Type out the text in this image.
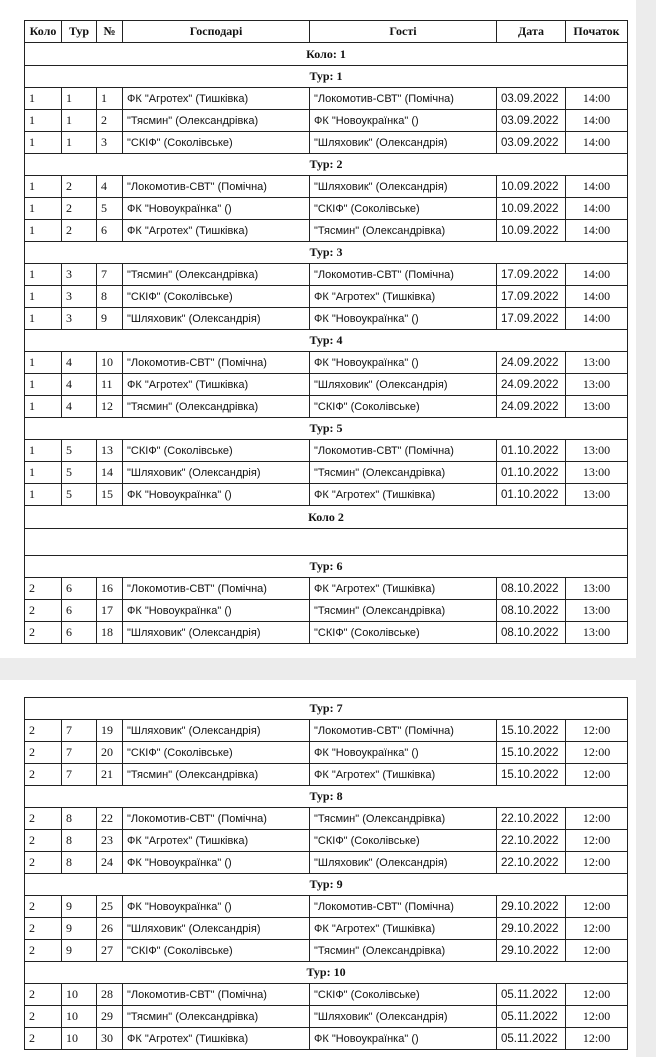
Коло	Тур	№	Господарі	Гості	Дата	Початок
Коло: 1						
Тур: 1						
1	1	1	ФК "Агротех" (Тишківка)	"Локомотив-СВТ" (Помічна)	03.09.2022	14:00
1	1	2	"Тясмин" (Олександрівка)	ФК "Новоукраїнка" ()	03.09.2022	14:00
1	1	3	"СКІФ" (Соколівське)	"Шляховик" (Олександрія)	03.09.2022	14:00
Тур: 2						
1	2	4	"Локомотив-СВТ" (Помічна)	"Шляховик" (Олександрія)	10.09.2022	14:00
1	2	5	ФК "Новоукраїнка" ()	"СКІФ" (Соколівське)	10.09.2022	14:00
1	2	6	ФК "Агротех" (Тишківка)	"Тясмин" (Олександрівка)	10.09.2022	14:00
Тур: 3						
1	3	7	"Тясмин" (Олександрівка)	"Локомотив-СВТ" (Помічна)	17.09.2022	14:00
1	3	8	"СКІФ" (Соколівське)	ФК "Агротех" (Тишківка)	17.09.2022	14:00
1	3	9	"Шляховик" (Олександрія)	ФК "Новоукраїнка" ()	17.09.2022	14:00
Тур: 4						
1	4	10	"Локомотив-СВТ" (Помічна)	ФК "Новоукраїнка" ()	24.09.2022	13:00
1	4	11	ФК "Агротех" (Тишківка)	"Шляховик" (Олександрія)	24.09.2022	13:00
1	4	12	"Тясмин" (Олександрівка)	"СКІФ" (Соколівське)	24.09.2022	13:00
Тур: 5						
1	5	13	"СКІФ" (Соколівське)	"Локомотив-СВТ" (Помічна)	01.10.2022	13:00
1	5	14	"Шляховик" (Олександрія)	"Тясмин" (Олександрівка)	01.10.2022	13:00
1	5	15	ФК "Новоукраїнка" ()	ФК "Агротех" (Тишківка)	01.10.2022	13:00
Коло 2						

Тур: 6						
2	6	16	"Локомотив-СВТ" (Помічна)	ФК "Агротех" (Тишківка)	08.10.2022	13:00
2	6	17	ФК "Новоукраїнка" ()	"Тясмин" (Олександрівка)	08.10.2022	13:00
2	6	18	"Шляховик" (Олександрія)	"СКІФ" (Соколівське)	08.10.2022	13:00
Тур: 7						
2	7	19	"Шляховик" (Олександрія)	"Локомотив-СВТ" (Помічна)	15.10.2022	12:00
2	7	20	"СКІФ" (Соколівське)	ФК "Новоукраїнка" ()	15.10.2022	12:00
2	7	21	"Тясмин" (Олександрівка)	ФК "Агротех" (Тишківка)	15.10.2022	12:00
Тур: 8						
2	8	22	"Локомотив-СВТ" (Помічна)	"Тясмин" (Олександрівка)	22.10.2022	12:00
2	8	23	ФК "Агротех" (Тишківка)	"СКІФ" (Соколівське)	22.10.2022	12:00
2	8	24	ФК "Новоукраїнка" ()	"Шляховик" (Олександрія)	22.10.2022	12:00
Тур: 9						
2	9	25	ФК "Новоукраїнка" ()	"Локомотив-СВТ" (Помічна)	29.10.2022	12:00
2	9	26	"Шляховик" (Олександрія)	ФК "Агротех" (Тишківка)	29.10.2022	12:00
2	9	27	"СКІФ" (Соколівське)	"Тясмин" (Олександрівка)	29.10.2022	12:00
Тур: 10						
2	10	28	"Локомотив-СВТ" (Помічна)	"СКІФ" (Соколівське)	05.11.2022	12:00
2	10	29	"Тясмин" (Олександрівка)	"Шляховик" (Олександрія)	05.11.2022	12:00
2	10	30	ФК "Агротех" (Тишківка)	ФК "Новоукраїнка" ()	05.11.2022	12:00
